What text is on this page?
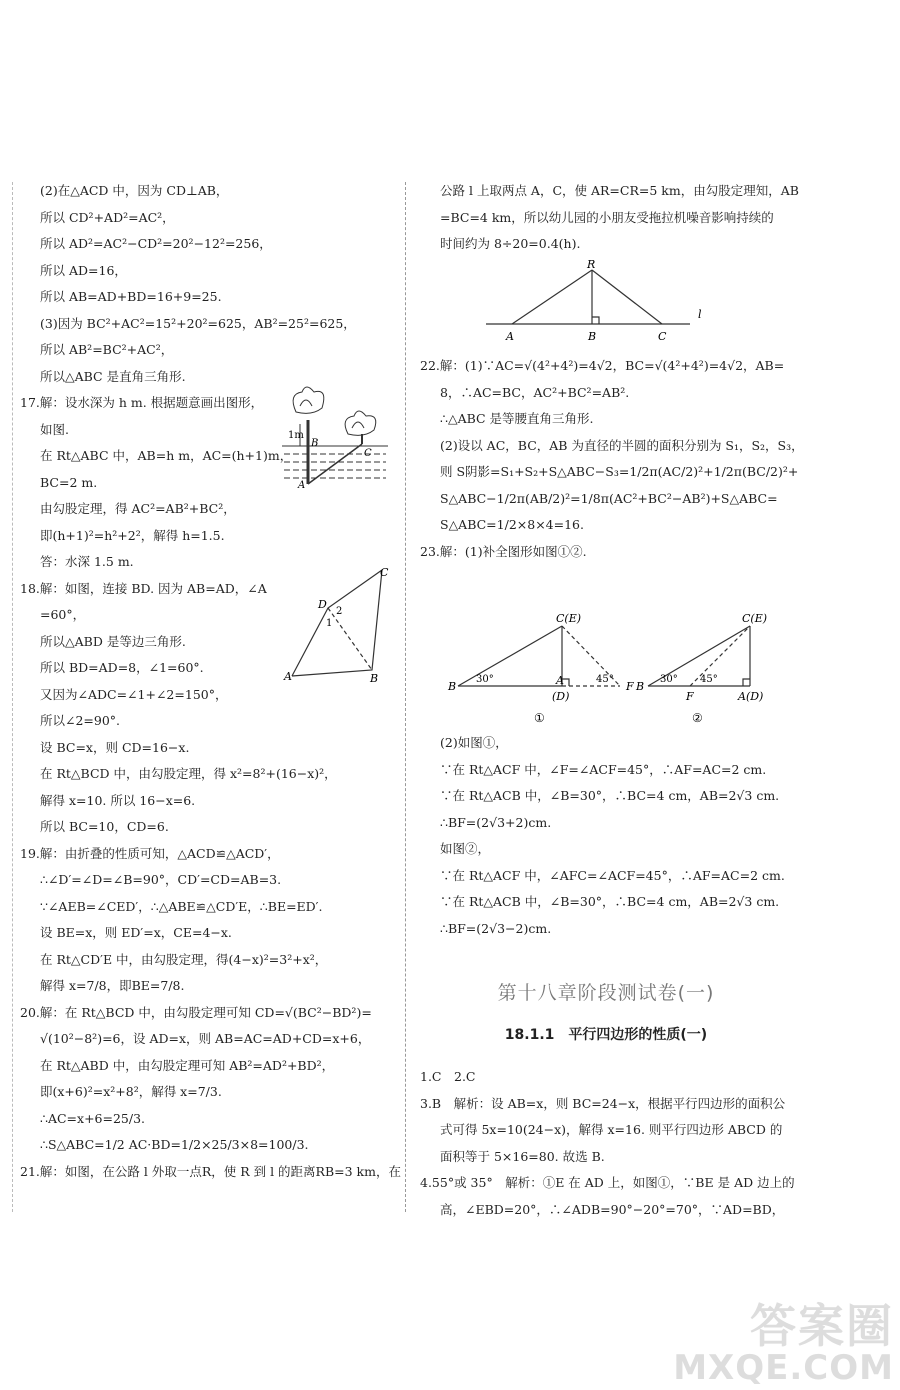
(2)在△ACD 中，因为 CD⊥AB，
所以 CD²+AD²=AC²，
所以 AD²=AC²−CD²=20²−12²=256，
所以 AD=16，
所以 AB=AD+BD=16+9=25.
(3)因为 BC²+AC²=15²+20²=625，AB²=25²=625，
所以 AB²=BC²+AC²，
所以△ABC 是直角三角形.
17.解：设水深为 h m. 根据题意画出图形，
如图.
在 Rt△ABC 中，AB=h m，AC=(h+1)m，
BC=2 m.
由勾股定理，得 AC²=AB²+BC²，
即(h+1)²=h²+2²，解得 h=1.5.
答：水深 1.5 m.
18.解：如图，连接 BD. 因为 AB=AD，∠A
=60°，
所以△ABD 是等边三角形.
所以 BD=AD=8，∠1=60°.
又因为∠ADC=∠1+∠2=150°，
所以∠2=90°.
设 BC=x，则 CD=16−x.
在 Rt△BCD 中，由勾股定理，得 x²=8²+(16−x)²，
解得 x=10. 所以 16−x=6.
所以 BC=10，CD=6.
19.解：由折叠的性质可知，△ACD≌△ACD′，
∴∠D′=∠D=∠B=90°，CD′=CD=AB=3.
∵∠AEB=∠CED′，∴△ABE≌△CD′E，∴BE=ED′.
设 BE=x，则 ED′=x，CE=4−x.
在 Rt△CD′E 中，由勾股定理，得(4−x)²=3²+x²，
解得 x=7/8，即BE=7/8.
20.解：在 Rt△BCD 中，由勾股定理可知 CD=√(BC²−BD²)=
√(10²−8²)=6，设 AD=x，则 AB=AC=AD+CD=x+6，
在 Rt△ABD 中，由勾股定理可知 AB²=AD²+BD²，
即(x+6)²=x²+8²，解得 x=7/3.
∴AC=x+6=25/3.
∴S△ABC=1/2 AC·BD=1/2×25/3×8=100/3.
21.解：如图，在公路 l 外取一点R，使 R 到 l 的距离RB=3 km，在
公路 l 上取两点 A，C，使 AR=CR=5 km，由勾股定理知，AB
=BC=4 km，所以幼儿园的小朋友受拖拉机噪音影响持续的
时间约为 8÷20=0.4(h).
22.解：(1)∵AC=√(4²+4²)=4√2，BC=√(4²+4²)=4√2，AB=
8，∴AC=BC，AC²+BC²=AB².
∴△ABC 是等腰直角三角形.
(2)设以 AC，BC，AB 为直径的半圆的面积分别为 S₁，S₂，S₃，
则 S阴影=S₁+S₂+S△ABC−S₃=1/2π(AC/2)²+1/2π(BC/2)²+
S△ABC−1/2π(AB/2)²=1/8π(AC²+BC²−AB²)+S△ABC=
S△ABC=1/2×8×4=16.
23.解：(1)补全图形如图①②.
(2)如图①，
∵在 Rt△ACF 中，∠F=∠ACF=45°，∴AF=AC=2 cm.
∵在 Rt△ACB 中，∠B=30°，∴BC=4 cm，AB=2√3 cm.
∴BF=(2√3+2)cm.
如图②，
∵在 Rt△ACF 中，∠AFC=∠ACF=45°，∴AF=AC=2 cm.
∵在 Rt△ACB 中，∠B=30°，∴BC=4 cm，AB=2√3 cm.
∴BF=(2√3−2)cm.
1.C　2.C
3.B　解析：设 AB=x，则 BC=24−x，根据平行四边形的面积公
式可得 5x=10(24−x)，解得 x=16. 则平行四边形 ABCD 的
面积等于 5×16=80. 故选 B.
4.55°或 35°　解析：①E 在 AD 上，如图①，∵BE 是 AD 边上的
高，∠EBD=20°，∴∠ADB=90°−20°=70°，∵AD=BD，
第十八章阶段测试卷(一)
18.1.1　平行四边形的性质(一)
1m
B
C
A
A	B
C
D
1
2
R
A	B	C
l
B
C(E)
30°	45°
F
A
(D)
①
B
C(E)
30° 45°
F	A(D)
②
答案圈
MXQE.COM
